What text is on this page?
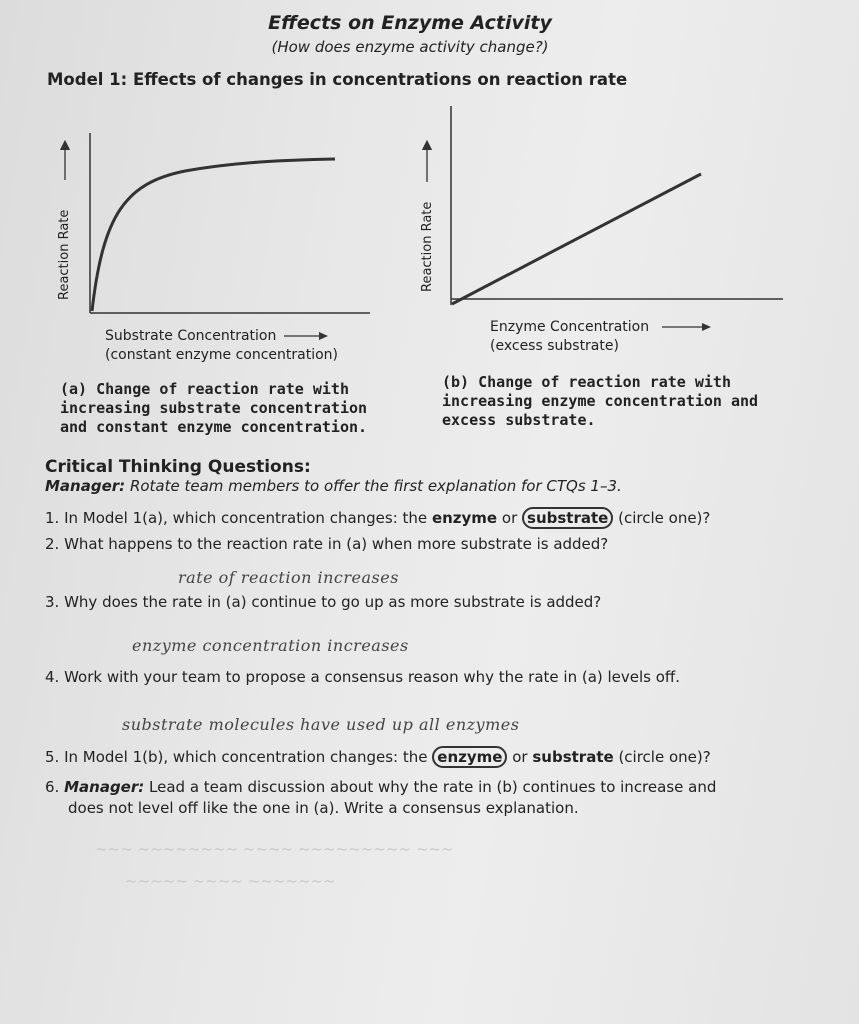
Effects on Enzyme Activity
(How does enzyme activity change?)
Model 1: Effects of changes in concentrations on reaction rate
Reaction Rate
Substrate Concentration
(constant enzyme concentration)
Reaction Rate
Enzyme Concentration
(excess substrate)
(a) Change of reaction rate with
increasing substrate concentration
and constant enzyme concentration.
(b) Change of reaction rate with
increasing enzyme concentration and
excess substrate.
Critical Thinking Questions:
Manager: Rotate team members to offer the first explanation for CTQs 1–3.
1. In Model 1(a), which concentration changes: the enzyme or substrate (circle one)?
2. What happens to the reaction rate in (a) when more substrate is added?
rate of reaction increases
3. Why does the rate in (a) continue to go up as more substrate is added?
enzyme concentration increases
4. Work with your team to propose a consensus reason why the rate in (a) levels off.
substrate molecules have used up all enzymes
5. In Model 1(b), which concentration changes: the enzyme or substrate (circle one)?
6. Manager: Lead a team discussion about why the rate in (b) continues to increase and
does not level off like the one in (a). Write a consensus explanation.
~~~ ~~~~~~~~ ~~~~ ~~~~~~~~~ ~~~
~~~~~ ~~~~ ~~~~~~~
